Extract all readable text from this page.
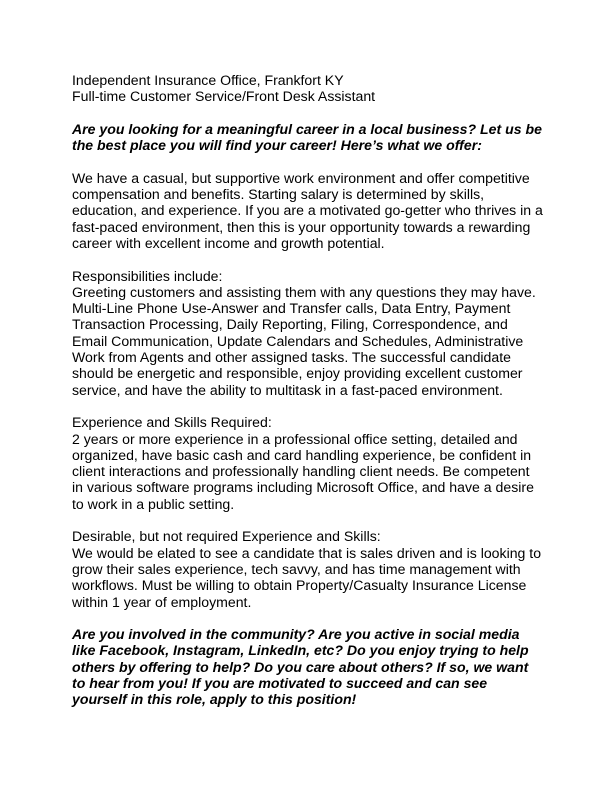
Independent Insurance Office, Frankfort KY
Full-time Customer Service/Front Desk Assistant
Are you looking for a meaningful career in a local business? Let us be
the best place you will find your career! Here’s what we offer:
We have a casual, but supportive work environment and offer competitive
compensation and benefits. Starting salary is determined by skills,
education, and experience. If you are a motivated go-getter who thrives in a
fast-paced environment, then this is your opportunity towards a rewarding
career with excellent income and growth potential.
Responsibilities include:
Greeting customers and assisting them with any questions they may have.
Multi-Line Phone Use-Answer and Transfer calls, Data Entry, Payment
Transaction Processing, Daily Reporting, Filing, Correspondence, and
Email Communication, Update Calendars and Schedules, Administrative
Work from Agents and other assigned tasks. The successful candidate
should be energetic and responsible, enjoy providing excellent customer
service, and have the ability to multitask in a fast-paced environment.
Experience and Skills Required:
2 years or more experience in a professional office setting, detailed and
organized, have basic cash and card handling experience, be confident in
client interactions and professionally handling client needs. Be competent
in various software programs including Microsoft Office, and have a desire
to work in a public setting.
Desirable, but not required Experience and Skills:
We would be elated to see a candidate that is sales driven and is looking to
grow their sales experience, tech savvy, and has time management with
workflows. Must be willing to obtain Property/Casualty Insurance License
within 1 year of employment.
Are you involved in the community? Are you active in social media
like Facebook, Instagram, LinkedIn, etc? Do you enjoy trying to help
others by offering to help? Do you care about others? If so, we want
to hear from you! If you are motivated to succeed and can see
yourself in this role, apply to this position!
